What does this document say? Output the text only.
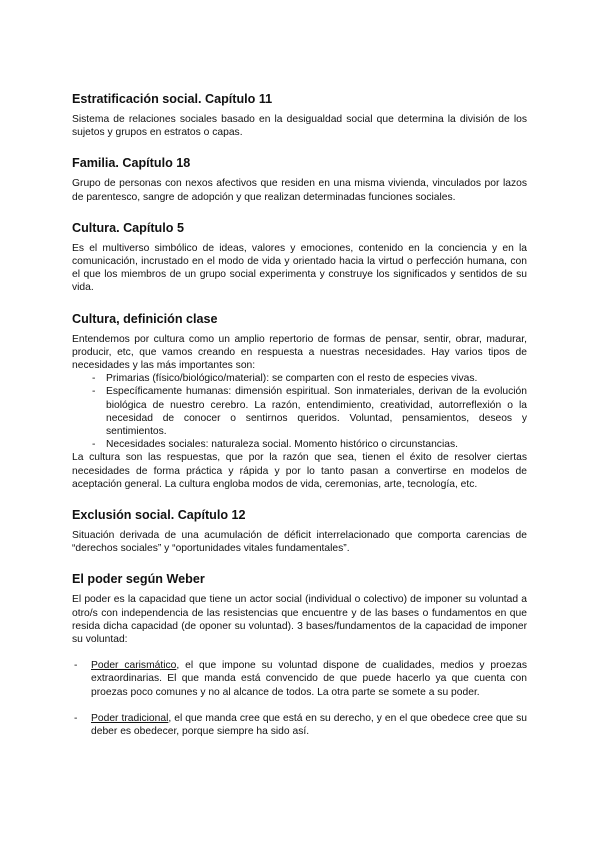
Estratificación social. Capítulo 11

Sistema de relaciones sociales basado en la desigualdad social que determina la división de los sujetos y grupos en estratos o capas.

Familia. Capítulo 18

Grupo de personas con nexos afectivos que residen en una misma vivienda, vinculados por lazos de parentesco, sangre de adopción y que realizan determinadas funciones sociales.

Cultura. Capítulo 5

Es el multiverso simbólico de ideas, valores y emociones, contenido en la conciencia y en la comunicación, incrustado en el modo de vida y orientado hacia la virtud o perfección humana, con el que los miembros de un grupo social experimenta y construye los significados y sentidos de su vida.

Cultura, definición clase

Entendemos por cultura como un amplio repertorio de formas de pensar, sentir, obrar, madurar, producir, etc, que vamos creando en respuesta a nuestras necesidades. Hay varios tipos de necesidades y las más importantes son:

- Primarias (físico/biológico/material): se comparten con el resto de especies vivas.
- Específicamente humanas: dimensión espiritual. Son inmateriales, derivan de la evolución biológica de nuestro cerebro. La razón, entendimiento, creatividad, autorreflexión o la necesidad de conocer o sentirnos queridos. Voluntad, pensamientos, deseos y sentimientos.
- Necesidades sociales: naturaleza social. Momento histórico o circunstancias.

La cultura son las respuestas, que por la razón que sea, tienen el éxito de resolver ciertas necesidades de forma práctica y rápida y por lo tanto pasan a convertirse en modelos de aceptación general. La cultura engloba modos de vida, ceremonias, arte, tecnología, etc.

Exclusión social. Capítulo 12

Situación derivada de una acumulación de déficit interrelacionado que comporta carencias de “derechos sociales” y “oportunidades vitales fundamentales”.

El poder según Weber

El poder es la capacidad que tiene un actor social (individual o colectivo) de imponer su voluntad a otro/s con independencia de las resistencias que encuentre y de las bases o fundamentos en que resida dicha capacidad (de oponer su voluntad). 3 bases/fundamentos de la capacidad de imponer su voluntad:

- Poder carismático, el que impone su voluntad dispone de cualidades, medios y proezas extraordinarias. El que manda está convencido de que puede hacerlo ya que cuenta con proezas poco comunes y no al alcance de todos. La otra parte se somete a su poder.
- Poder tradicional, el que manda cree que está en su derecho, y en el que obedece cree que su deber es obedecer, porque siempre ha sido así.
